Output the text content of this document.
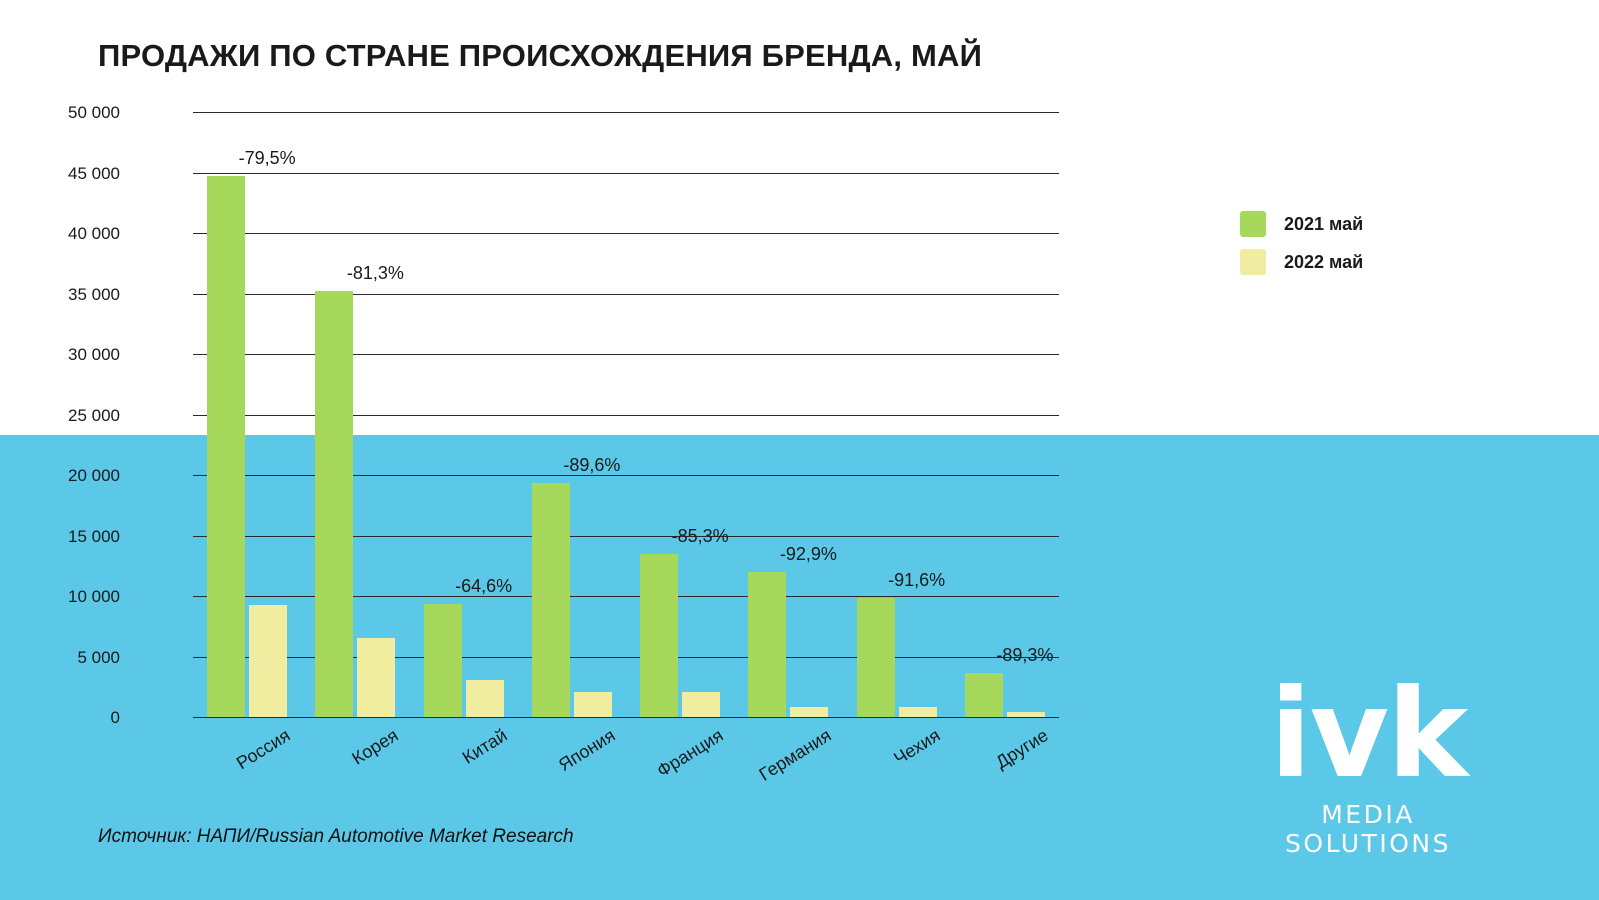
ПРОДАЖИ ПО СТРАНЕ ПРОИСХОЖДЕНИЯ БРЕНДА, МАЙ
50 000
45 000
40 000
35 000
30 000
25 000
20 000
15 000
10 000
5 000
0
-79,5%
-81,3%
-64,6%
-89,6%
-85,3%
-92,9%
-91,6%
-89,3%
Россия	Корея	Китай Япония Франция Германия	Чехия	Другие
2021 май
2022 май
Источник: НАПИ/Russian Automotive Market Research
ivk
MEDIA SOLUTIONS
